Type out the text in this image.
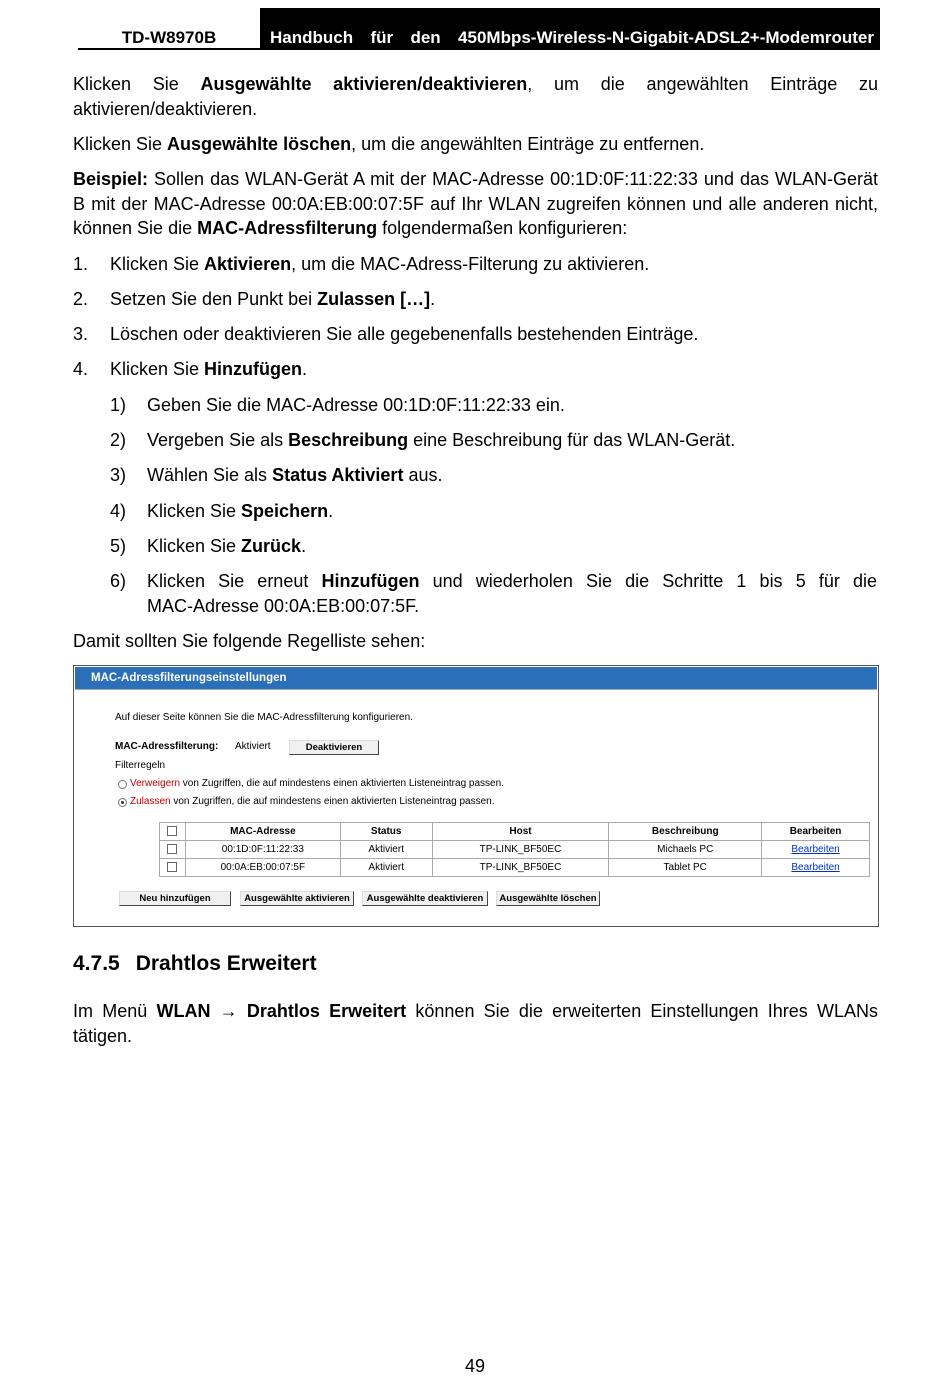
TD-W8970B	Handbuch für den 450Mbps-Wireless-N-Gigabit-ADSL2+-Modemrouter
Klicken Sie Ausgewählte aktivieren/deaktivieren, um die angewählten Einträge zu aktivieren/deaktivieren.
Klicken Sie Ausgewählte löschen, um die angewählten Einträge zu entfernen.
Beispiel: Sollen das WLAN-Gerät A mit der MAC-Adresse 00:1D:0F:11:22:33 und das WLAN-Gerät B mit der MAC-Adresse 00:0A:EB:00:07:5F auf Ihr WLAN zugreifen können und alle anderen nicht, können Sie die MAC-Adressfilterung folgendermaßen konfigurieren:
1. Klicken Sie Aktivieren, um die MAC-Adress-Filterung zu aktivieren.
2. Setzen Sie den Punkt bei Zulassen […].
3. Löschen oder deaktivieren Sie alle gegebenenfalls bestehenden Einträge.
4. Klicken Sie Hinzufügen.
1) Geben Sie die MAC-Adresse 00:1D:0F:11:22:33 ein.
2) Vergeben Sie als Beschreibung eine Beschreibung für das WLAN-Gerät.
3) Wählen Sie als Status Aktiviert aus.
4) Klicken Sie Speichern.
5) Klicken Sie Zurück.
6) Klicken Sie erneut Hinzufügen und wiederholen Sie die Schritte 1 bis 5 für die
MAC-Adresse 00:0A:EB:00:07:5F.
Damit sollten Sie folgende Regelliste sehen:
MAC-Adressfilterungseinstellungen
Auf dieser Seite können Sie die MAC-Adressfilterung konfigurieren.
MAC-Adressfilterung: Aktiviert	Deaktivieren
Filterregeln
Verweigern von Zugriffen, die auf mindestens einen aktivierten Listeneintrag passen.
Zulassen von Zugriffen, die auf mindestens einen aktivierten Listeneintrag passen.
	MAC-Adresse	Status	Host	Beschreibung	Bearbeiten
	00:1D:0F:11:22:33	Aktiviert	TP-LINK_BF50EC	Michaels PC	Bearbeiten
	00:0A:EB:00:07:5F	Aktiviert	TP-LINK_BF50EC	Tablet PC	Bearbeiten
Neu hinzufügen	Ausgewählte aktivieren	Ausgewählte deaktivieren	Ausgewählte löschen
4.7.5 Drahtlos Erweitert
Im Menü WLAN → Drahtlos Erweitert können Sie die erweiterten Einstellungen Ihres WLANs tätigen.
49
